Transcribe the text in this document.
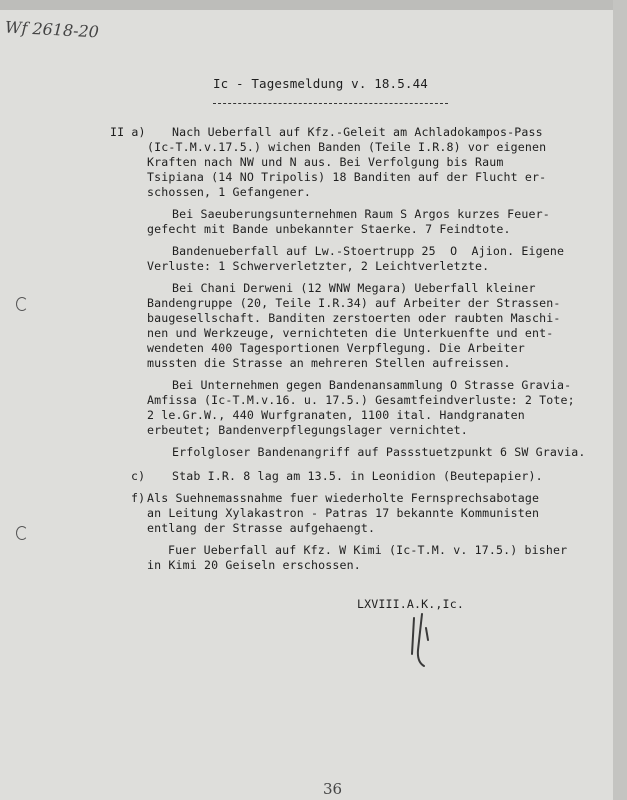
Wf 2618-20
Ic - Tagesmeldung v. 18.5.44
II a) Nach Ueberfall auf Kfz.-Geleit am Achladokampos-Pass
(Ic-T.M.v.17.5.) wichen Banden (Teile I.R.8) vor eigenen
Kraften nach NW und N aus. Bei Verfolgung bis Raum
Tsipiana (14 NO Tripolis) 18 Banditen auf der Flucht er-
schossen, 1 Gefangener.
Bei Saeuberungsunternehmen Raum S Argos kurzes Feuer-
gefecht mit Bande unbekannter Staerke. 7 Feindtote.
Bandenueberfall auf Lw.-Stoertrupp 25  O  Ajion. Eigene
Verluste: 1 Schwerverletzter, 2 Leichtverletzte.
Bei Chani Derweni (12 WNW Megara) Ueberfall kleiner
Bandengruppe (20, Teile I.R.34) auf Arbeiter der Strassen-
baugesellschaft. Banditen zerstoerten oder raubten Maschi-
nen und Werkzeuge, vernichteten die Unterkuenfte und ent-
wendeten 400 Tagesportionen Verpflegung. Die Arbeiter
mussten die Strasse an mehreren Stellen aufreissen.
Bei Unternehmen gegen Bandenansammlung O Strasse Gravia-
Amfissa (Ic-T.M.v.16. u. 17.5.) Gesamtfeindverluste: 2 Tote;
2 le.Gr.W., 440 Wurfgranaten, 1100 ital. Handgranaten
erbeutet; Bandenverpflegungslager vernichtet.
Erfolgloser Bandenangriff auf Passstuetzpunkt 6 SW Gravia.
c) Stab I.R. 8 lag am 13.5. in Leonidion (Beutepapier).
f) Als Suehnemassnahme fuer wiederholte Fernsprechsabotage
an Leitung Xylakastron - Patras 17 bekannte Kommunisten
entlang der Strasse aufgehaengt.
Fuer Ueberfall auf Kfz. W Kimi (Ic-T.M. v. 17.5.) bisher
in Kimi 20 Geiseln erschossen.
LXVIII.A.K.,Ic.
36
